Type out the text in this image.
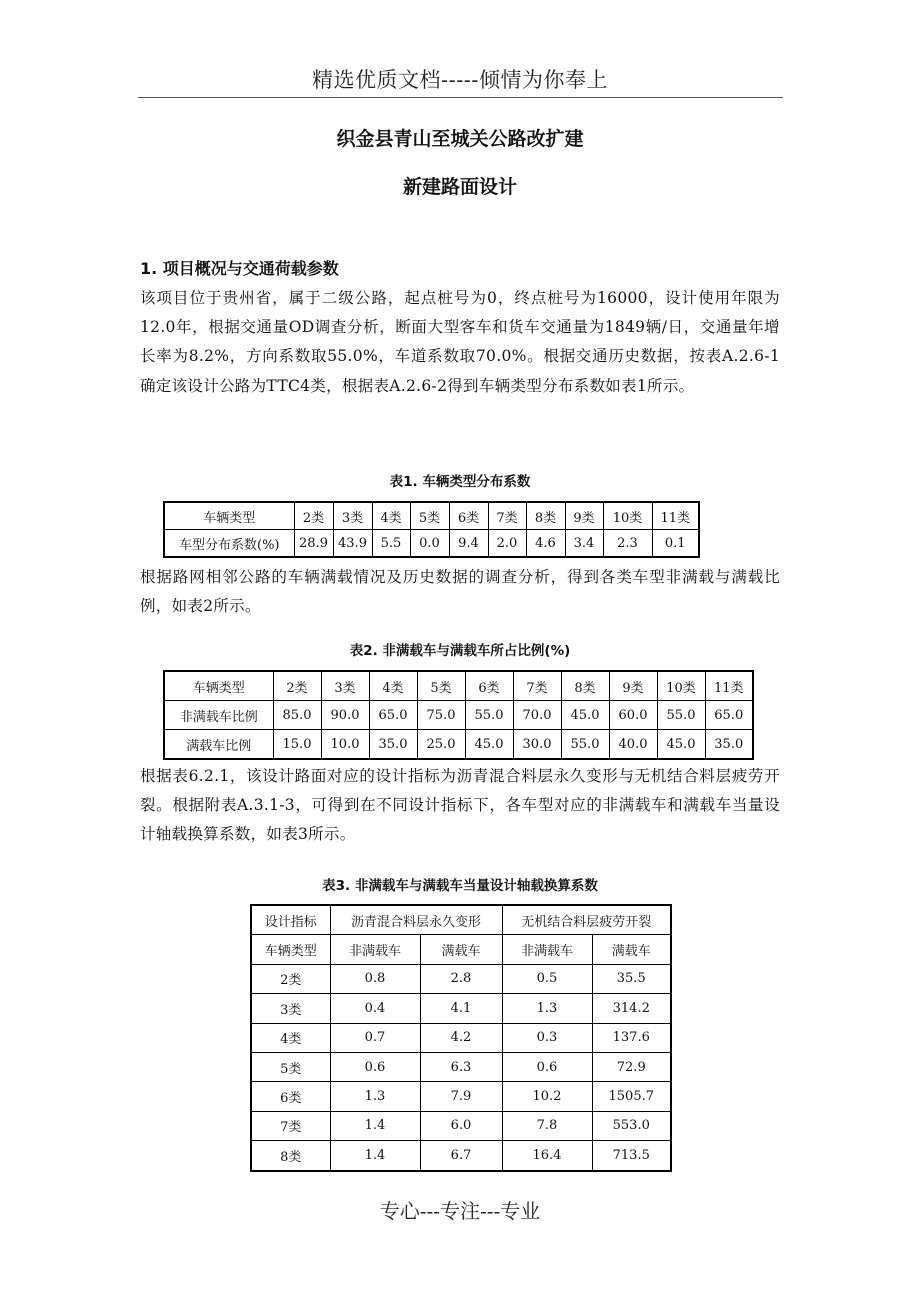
精选优质文档-----倾情为你奉上
织金县青山至城关公路改扩建
新建路面设计
1. 项目概况与交通荷载参数
该项目位于贵州省，属于二级公路，起点桩号为0，终点桩号为16000，设计使用年限为12.0年，根据交通量OD调查分析，断面大型客车和货车交通量为1849辆/日，交通量年增长率为8.2%，方向系数取55.0%，车道系数取70.0%。根据交通历史数据，按表A.2.6-1确定该设计公路为TTC4类，根据表A.2.6-2得到车辆类型分布系数如表1所示。
表1. 车辆类型分布系数
车辆类型	2类	3类	4类	5类	6类	7类	8类	9类	10类	11类
车型分布系数(%)	28.9	43.9	5.5	0.0	9.4	2.0	4.6	3.4	2.3	0.1
根据路网相邻公路的车辆满载情况及历史数据的调查分析，得到各类车型非满载与满载比例，如表2所示。
表2. 非满载车与满载车所占比例(%)
车辆类型	2类	3类	4类	5类	6类	7类	8类	9类	10类	11类
非满载车比例	85.0	90.0	65.0	75.0	55.0	70.0	45.0	60.0	55.0	65.0
满载车比例	15.0	10.0	35.0	25.0	45.0	30.0	55.0	40.0	45.0	35.0
根据表6.2.1，该设计路面对应的设计指标为沥青混合料层永久变形与无机结合料层疲劳开裂。根据附表A.3.1-3，可得到在不同设计指标下，各车型对应的非满载车和满载车当量设计轴载换算系数，如表3所示。
表3. 非满载车与满载车当量设计轴载换算系数
设计指标	沥青混合料层永久变形		无机结合料层疲劳开裂	
车辆类型	非满载车	满载车	非满载车	满载车
2类	0.8	2.8	0.5	35.5
3类	0.4	4.1	1.3	314.2
4类	0.7	4.2	0.3	137.6
5类	0.6	6.3	0.6	72.9
6类	1.3	7.9	10.2	1505.7
7类	1.4	6.0	7.8	553.0
8类	1.4	6.7	16.4	713.5
专心---专注---专业
